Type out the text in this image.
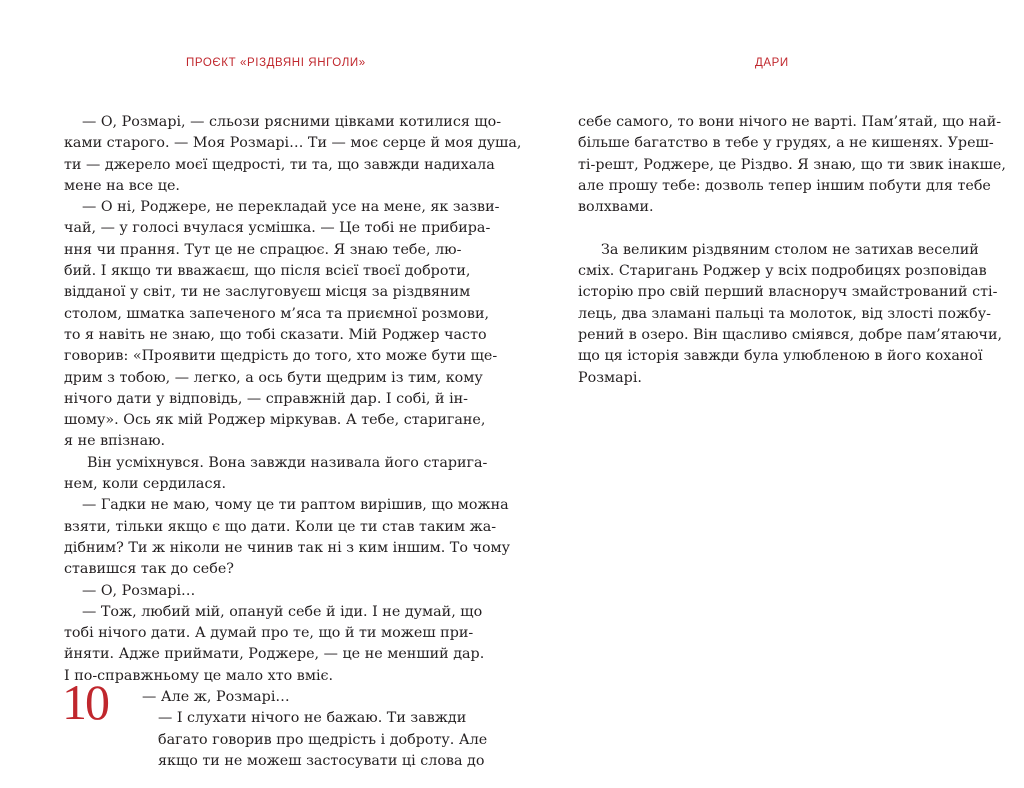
ПРОЄКТ «РІЗДВЯНІ ЯНГОЛИ»	ДАРИ
— О, Розмарі, — сльози рясними цівками котилися що-
ками старого. — Моя Розмарі… Ти — моє серце й моя душа,
ти — джерело моєї щедрості, ти та, що завжди надихала
мене на все це.
— О ні, Роджере, не перекладай усе на мене, як зазви-
чай, — у голосі вчулася усмішка. — Це тобі не прибира-
ння чи прання. Тут це не спрацює. Я знаю тебе, лю-
бий. І якщо ти вважаєш, що після всієї твоєї доброти,
відданої у світ, ти не заслуговуєш місця за різдвяним
столом, шматка запеченого м’яса та приємної розмови,
то я навіть не знаю, що тобі сказати. Мій Роджер часто
говорив: «Проявити щедрість до того, хто може бути ще-
дрим з тобою, — легко, а ось бути щедрим із тим, кому
нічого дати у відповідь, — справжній дар. І собі, й ін-
шому». Ось як мій Роджер міркував. А тебе, старигане,
я не впізнаю.
Він усміхнувся. Вона завжди називала його старига-
нем, коли сердилася.
— Гадки не маю, чому це ти раптом вирішив, що можна
взяти, тільки якщо є що дати. Коли це ти став таким жа-
дібним? Ти ж ніколи не чинив так ні з ким іншим. То чому
ставишся так до себе?
— О, Розмарі…
— Тож, любий мій, опануй себе й іди. І не думай, що
тобі нічого дати. А думай про те, що й ти можеш при-
йняти. Адже приймати, Роджере, — це не менший дар.
І по-справжньому це мало хто вміє.
— Але ж, Розмарі…
— І слухати нічого не бажаю. Ти завжди
багато говорив про щедрість і доброту. Але
якщо ти не можеш застосувати ці слова до
себе самого, то вони нічого не варті. Пам’ятай, що най-
більше багатство в тебе у грудях, а не кишенях. Уреш-
ті-решт, Роджере, це Різдво. Я знаю, що ти звик інакше,
але прошу тебе: дозволь тепер іншим побути для тебе
волхвами.
За великим різдвяним столом не затихав веселий
сміх. Старигань Роджер у всіх подробицях розповідав
історію про свій перший власноруч змайстрований сті-
лець, два зламані пальці та молоток, від злості пожбу-
рений в озеро. Він щасливо сміявся, добре пам’ятаючи,
що ця історія завжди була улюбленою в його коханої
Розмарі.
10
